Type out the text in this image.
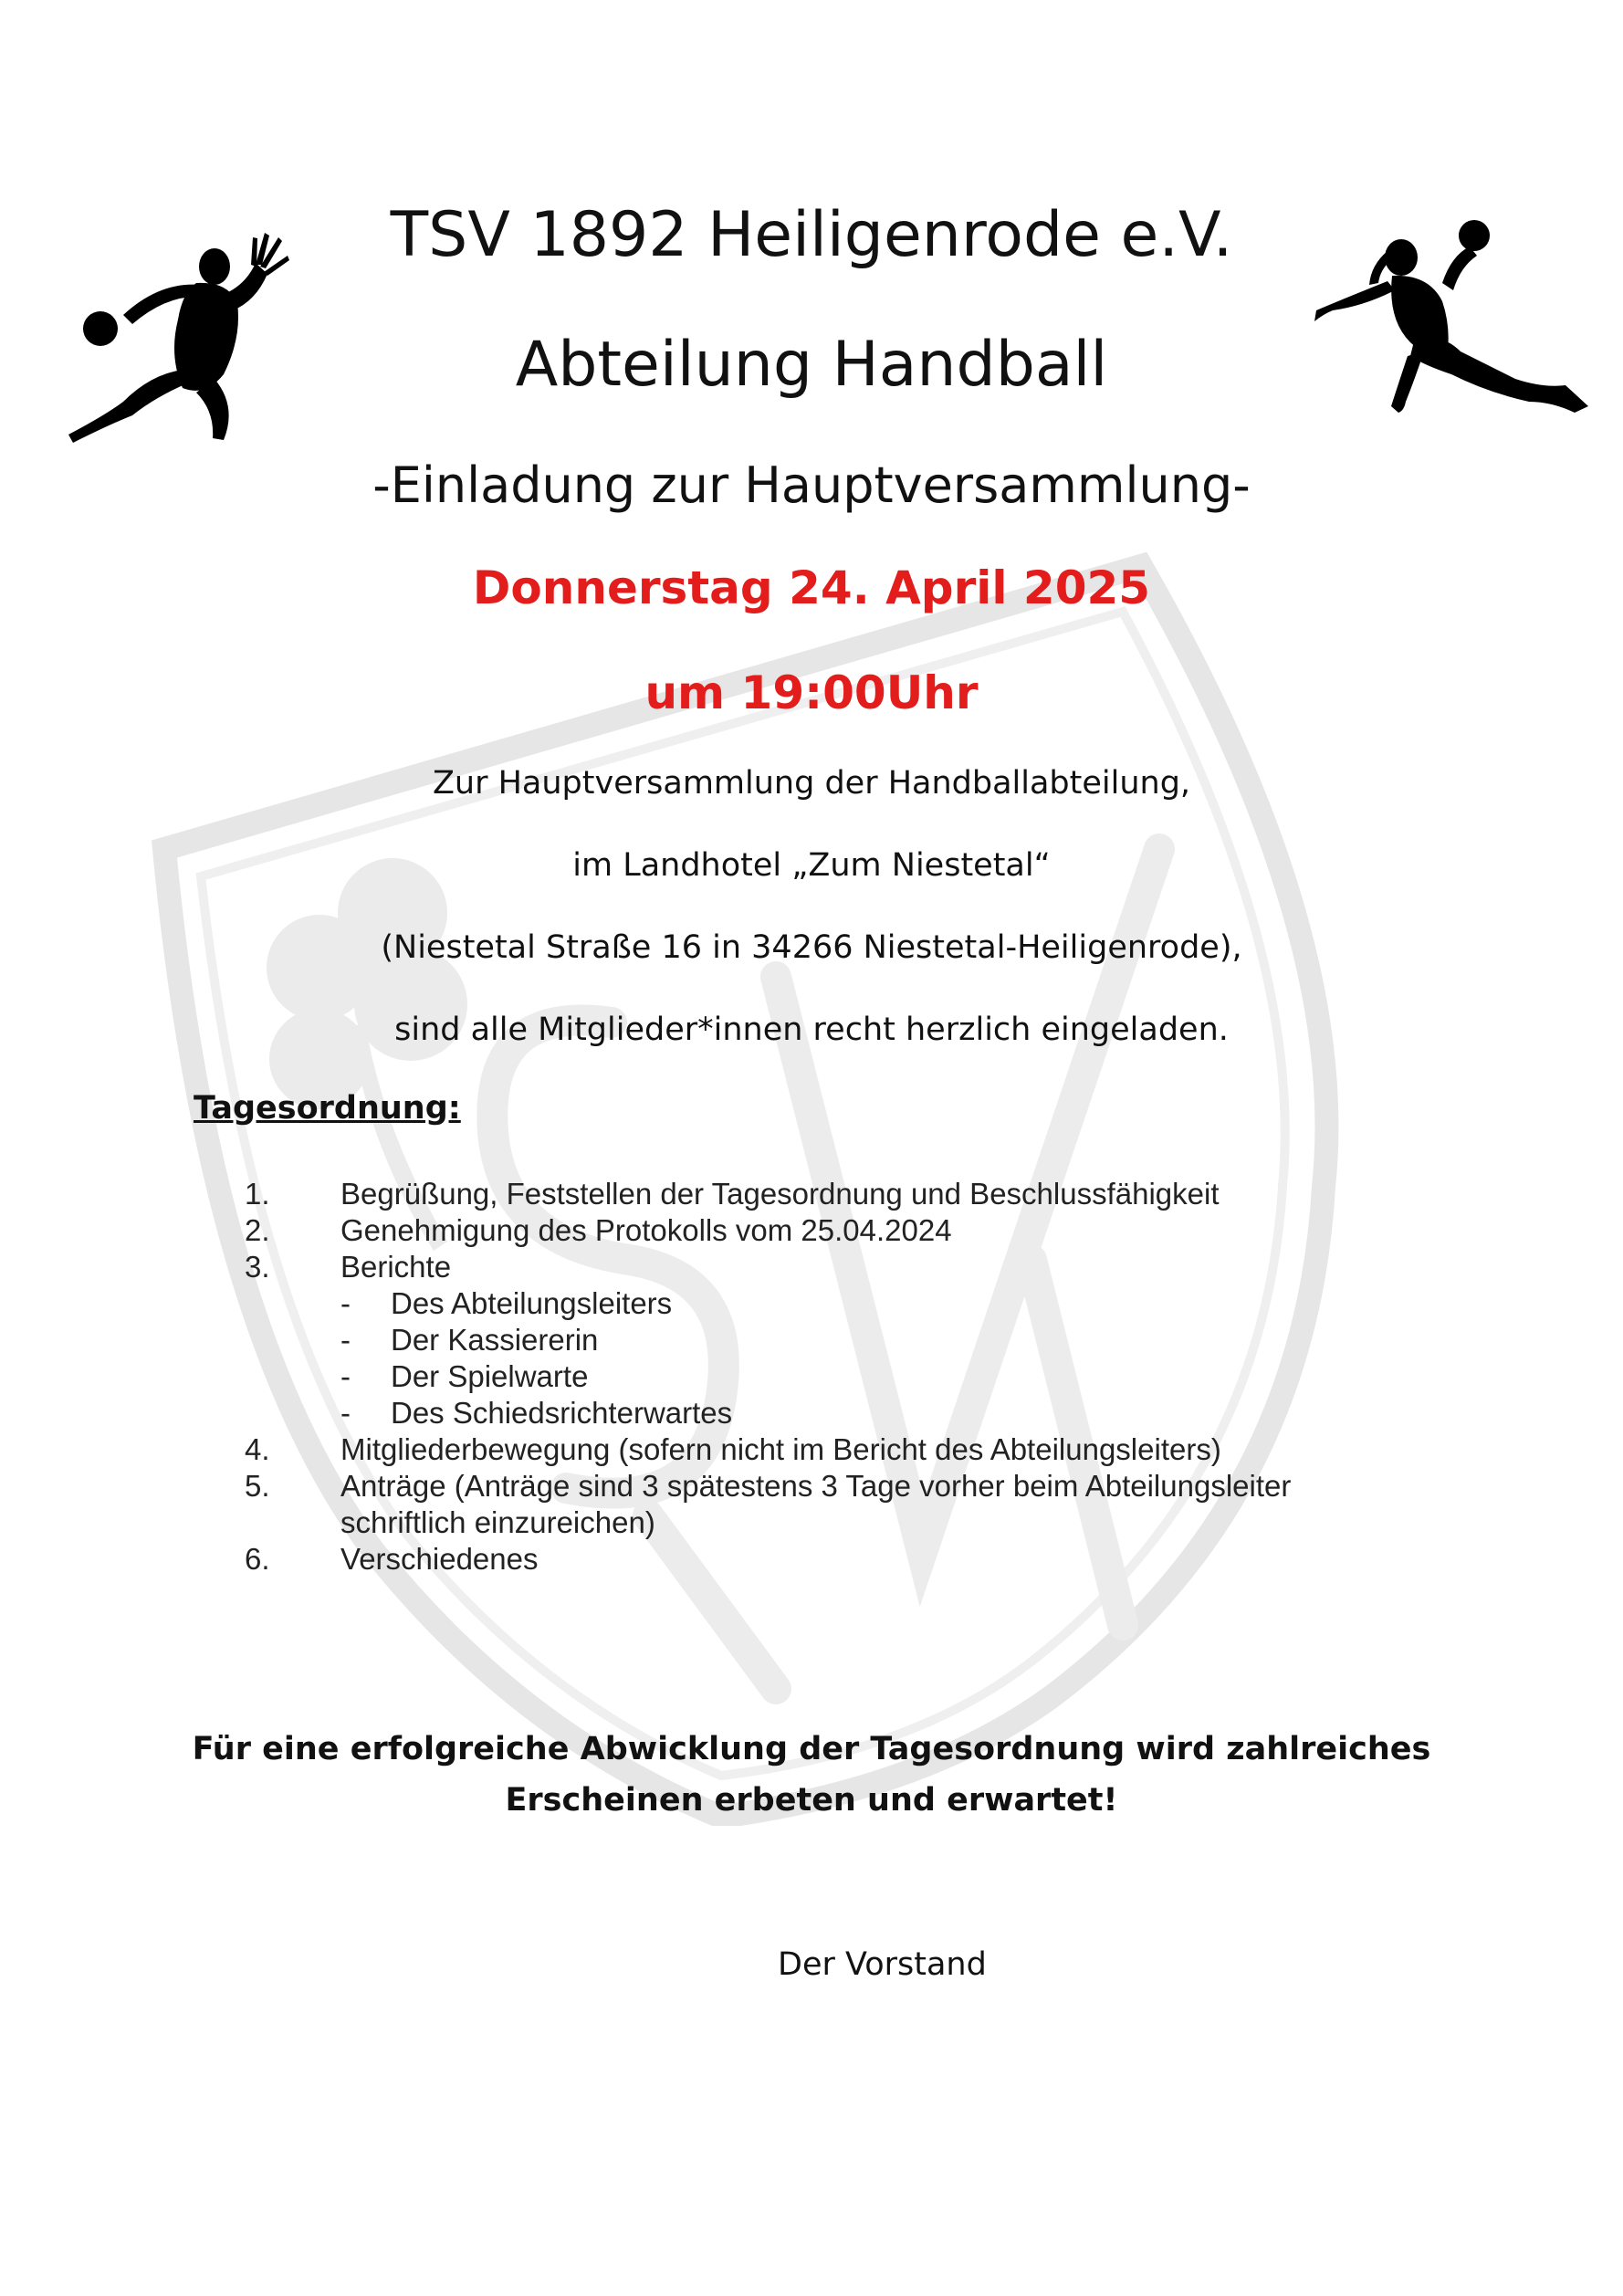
TSV 1892 Heiligenrode e.V.
Abteilung Handball
-Einladung zur Hauptversammlung-
Donnerstag 24. April 2025
um 19:00Uhr
Zur Hauptversammlung der Handballabteilung,
im Landhotel „Zum Niestetal“
(Niestetal Straße 16 in 34266 Niestetal-Heiligenrode),
sind alle Mitglieder*innen recht herzlich eingeladen.
Tagesordnung:
1.	Begrüßung, Feststellen der Tagesordnung und Beschlussfähigkeit
2.	Genehmigung des Protokolls vom 25.04.2024
3.	Berichte
- Des Abteilungsleiters
- Der Kassiererin
- Der Spielwarte
- Des Schiedsrichterwartes
4.	Mitgliederbewegung (sofern nicht im Bericht des Abteilungsleiters)
5.	Anträge (Anträge sind 3 spätestens 3 Tage vorher beim Abteilungsleiter
schriftlich einzureichen)
6.	Verschiedenes
Für eine erfolgreiche Abwicklung der Tagesordnung wird zahlreiches
Erscheinen erbeten und erwartet!
Der Vorstand
